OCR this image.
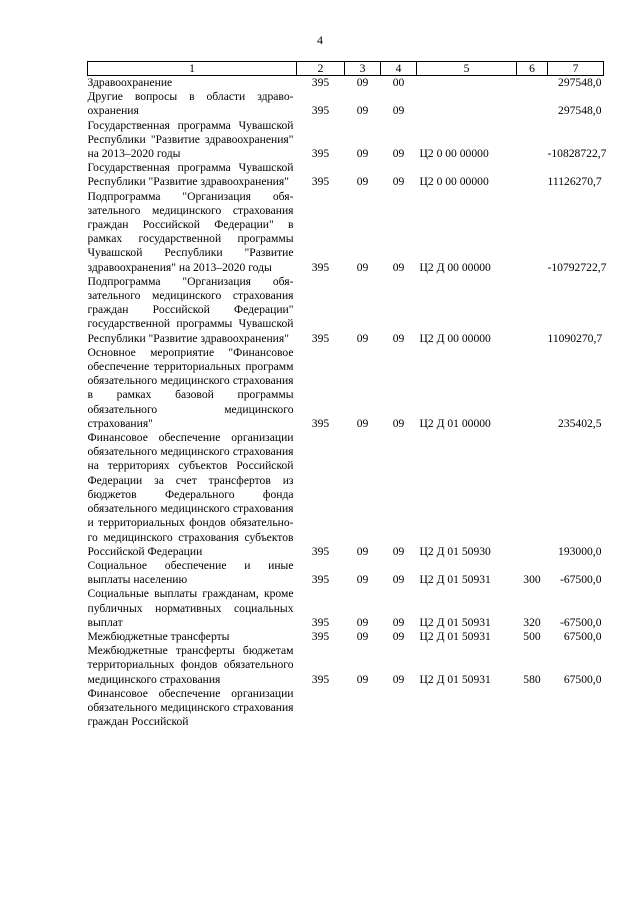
4
1	2	3	4	5	6	7
Здравоохранение	395	09	00			297548,0
Другие вопросы в области здравоохранения	395	09	09			297548,0
Государственная программа Чувашской Республики "Развитие здравоохранения" на 2013–2020 годы	395	09	09	Ц2 0 00 00000		-10828722,7
Государственная программа Чувашской Республики "Развитие здравоохранения"	395	09	09	Ц2 0 00 00000		11126270,7
Подпрограмма "Организация обязательного медицинского страхования граждан Российской Федерации" в рамках государственной программы Чувашской Республики "Развитие здравоохранения" на 2013–2020 годы	395	09	09	Ц2 Д 00 00000		-10792722,7
Подпрограмма "Организация обязательного медицинского страхования граждан Российской Федерации" государственной программы Чувашской Республики "Развитие здравоохранения"	395	09	09	Ц2 Д 00 00000		11090270,7
Основное мероприятие "Финансовое обеспечение территориальных программ обязательного медицинского страхования в рамках базовой программы обязательного медицинского страхования"	395	09	09	Ц2 Д 01 00000		235402,5
Финансовое обеспечение организации обязательного медицинского страхования на территориях субъектов Российской Федерации за счет трансфертов из бюджетов Федерального фонда обязательного медицинского страхования и территориальных фондов обязательного медицинского страхования субъектов Российской Федерации	395	09	09	Ц2 Д 01 50930		193000,0
Социальное обеспечение и иные выплаты населению	395	09	09	Ц2 Д 01 50931	300	-67500,0
Социальные выплаты гражданам, кроме публичных нормативных социальных выплат	395	09	09	Ц2 Д 01 50931	320	-67500,0
Межбюджетные трансферты	395	09	09	Ц2 Д 01 50931	500	67500,0
Межбюджетные трансферты бюджетам территориальных фондов обязательного медицинского страхования	395	09	09	Ц2 Д 01 50931	580	67500,0
Финансовое обеспечение организации обязательного медицинского страхования граждан Российской						
